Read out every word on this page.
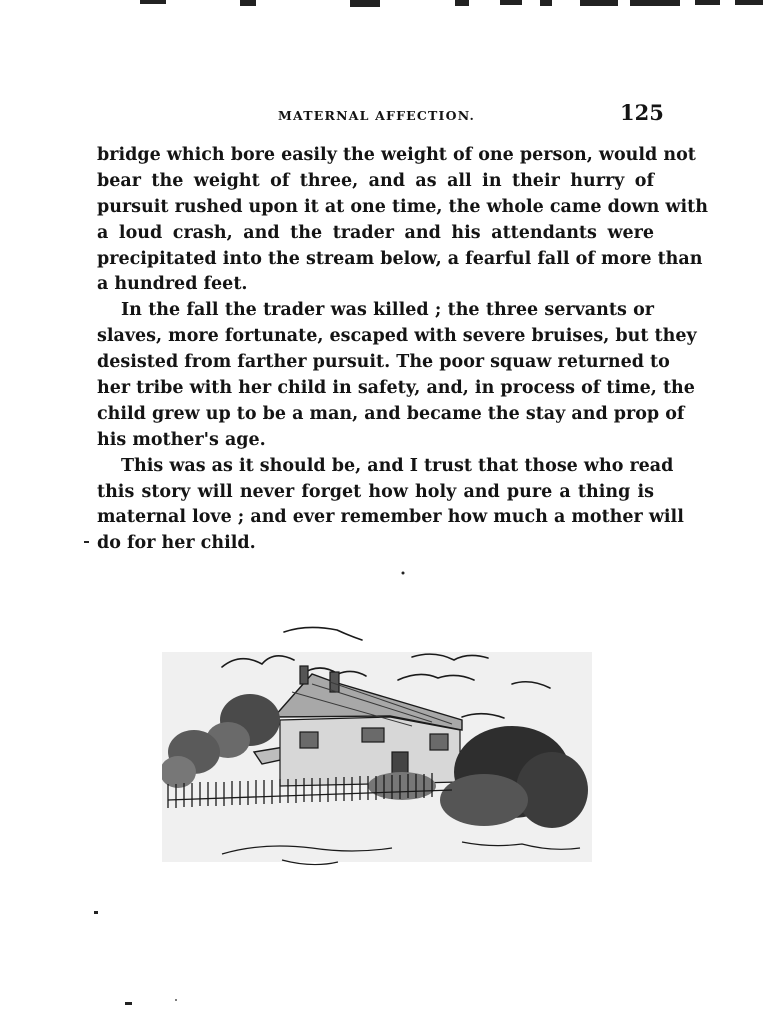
MATERNAL AFFECTION.	125

bridge which bore easily the weight of one person, would not
bear the weight of three, and as all in their hurry of
pursuit rushed upon it at one time, the whole came down with
a loud crash, and the trader and his attendants were
precipitated into the stream below, a fearful fall of more than
a hundred feet.

In the fall the trader was killed ; the three servants or
slaves, more fortunate, escaped with severe bruises, but they
desisted from farther pursuit. The poor squaw returned to
her tribe with her child in safety, and, in process of time, the
child grew up to be a man, and became the stay and prop of
his mother's age.

This was as it should be, and I trust that those who read
this story will never forget how holy and pure a thing is
maternal love ; and ever remember how much a mother will
do for her child.
